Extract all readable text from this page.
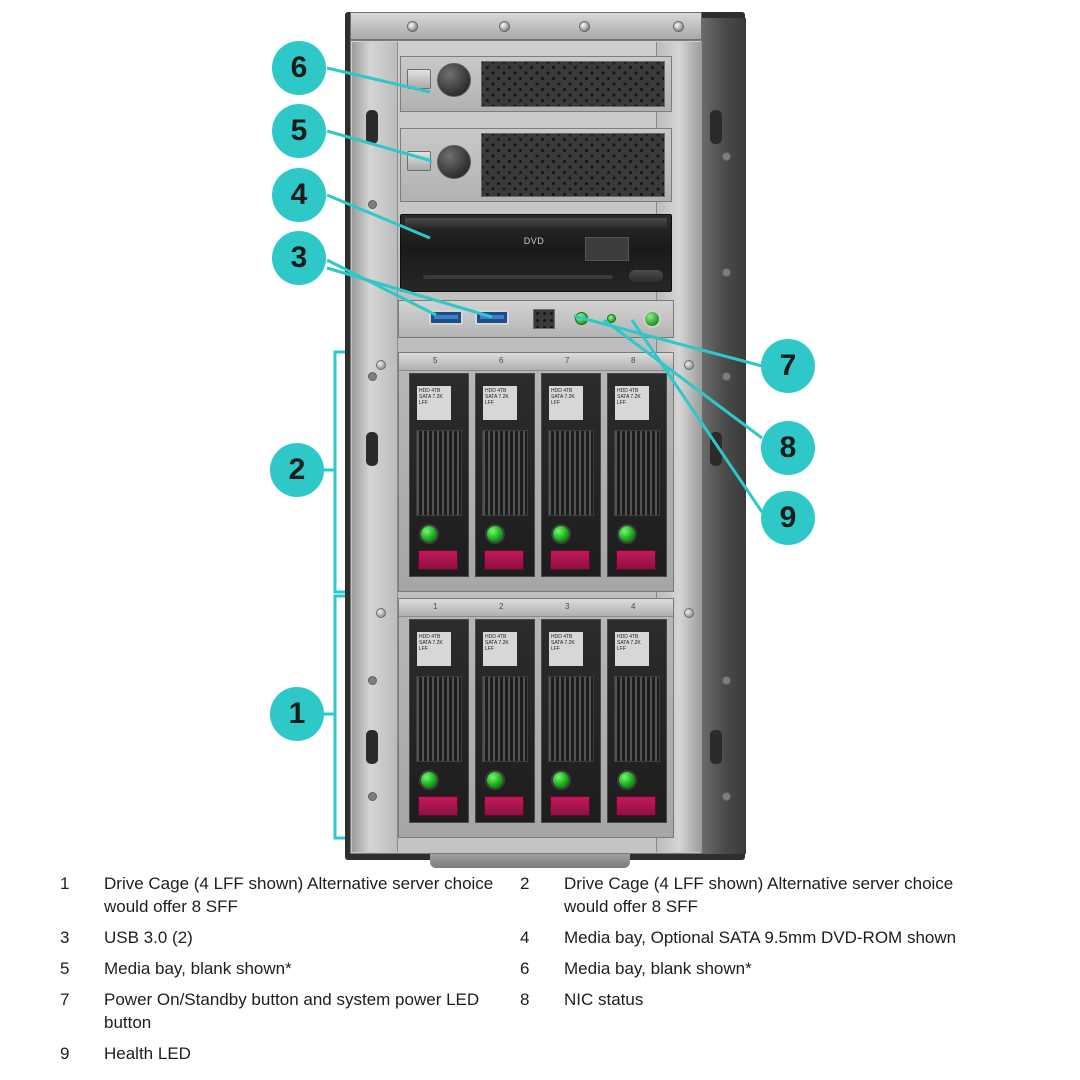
DVD
5	6	7	8
HDD 4TB SATA 7.2K LFF
HDD 4TB SATA 7.2K LFF
HDD 4TB SATA 7.2K LFF
HDD 4TB SATA 7.2K LFF
1	2	3	4
HDD 4TB SATA 7.2K LFF
HDD 4TB SATA 7.2K LFF
HDD 4TB SATA 7.2K LFF
HDD 4TB SATA 7.2K LFF
6
5
4
3
2
1
7
8
9
1	Drive Cage (4 LFF shown) Alternative server choice would offer 8 SFF
3	USB 3.0 (2)
5	Media bay, blank shown*
7	Power On/Standby button and system power LED button
9	Health LED
2	Drive Cage (4 LFF shown) Alternative server choice would offer 8 SFF
4	Media bay, Optional SATA 9.5mm DVD-ROM shown
6	Media bay, blank shown*
8	NIC status
